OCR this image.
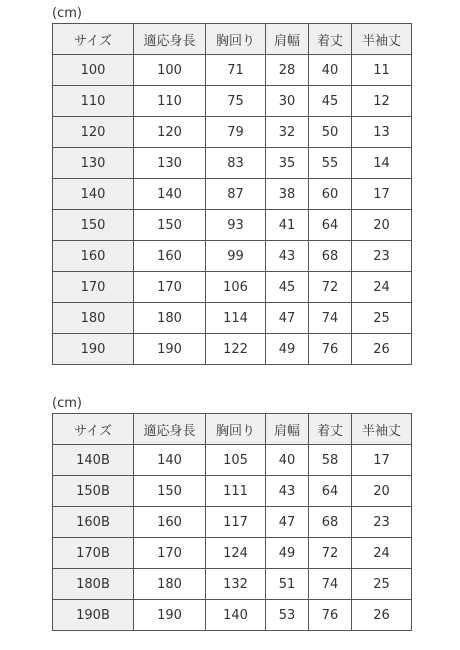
(cm)
サイズ	適応身長	胸回り	肩幅	着丈	半袖丈
100	100	71	28	40	11
110	110	75	30	45	12
120	120	79	32	50	13
130	130	83	35	55	14
140	140	87	38	60	17
150	150	93	41	64	20
160	160	99	43	68	23
170	170	106	45	72	24
180	180	114	47	74	25
190	190	122	49	76	26
(cm)
サイズ	適応身長	胸回り	肩幅	着丈	半袖丈
140B	140	105	40	58	17
150B	150	111	43	64	20
160B	160	117	47	68	23
170B	170	124	49	72	24
180B	180	132	51	74	25
190B	190	140	53	76	26
